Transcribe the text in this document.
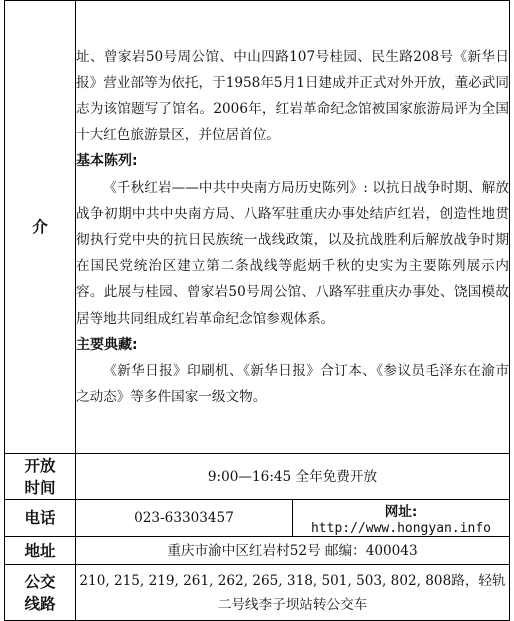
介	址、曾家岩50号周公馆、中山四路107号桂园、民生路208号《新华日报》营业部等为依托，于1958年5月1日建成并正式对外开放，董必武同志为该馆题写了馆名。2006年，红岩革命纪念馆被国家旅游局评为全国十大红色旅游景区，并位居首位。

基本陈列:

《千秋红岩——中共中央南方局历史陈列》: 以抗日战争时期、解放战争初期中共中央南方局、八路军驻重庆办事处结庐红岩，创造性地贯彻执行党中央的抗日民族统一战线政策，以及抗战胜利后解放战争时期在国民党统治区建立第二条战线等彪炳千秋的史实为主要陈列展示内容。此展与桂园、曾家岩50号周公馆、八路军驻重庆办事处、饶国模故居等地共同组成红岩革命纪念馆参观体系。

主要典藏:

《新华日报》印刷机、《新华日报》合订本、《参议员毛泽东在渝市之动态》等多件国家一级文物。	

开放
时间	9:00—16:45 全年免费开放	
电话	023-63303457	网址: http://www.hongyan.info
地址	重庆市渝中区红岩村52号 邮编：400043	

公交
线路	210, 215, 219, 261, 262, 265, 318, 501, 503, 802, 808路，轻轨二号线李子坝站转公交车	
